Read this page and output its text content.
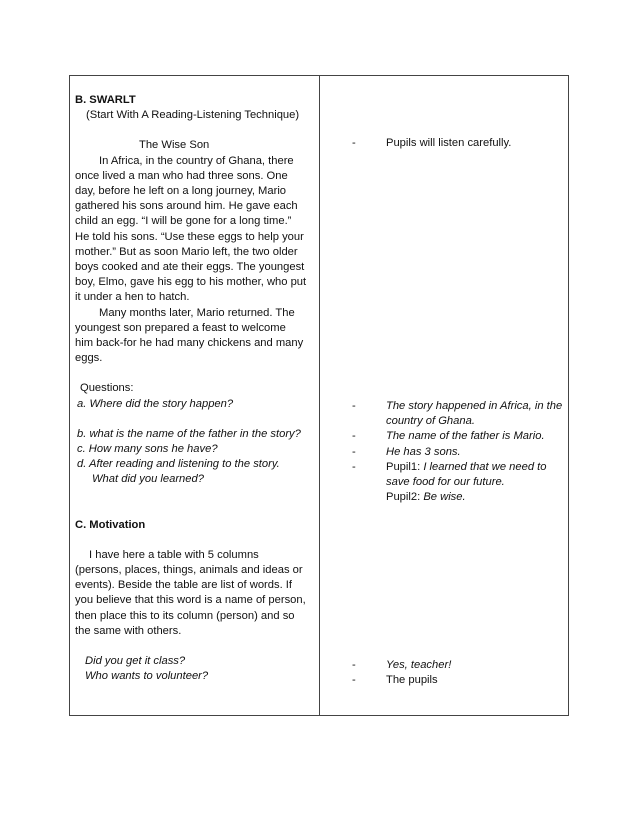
B. SWARLT
(Start With A Reading-Listening Technique)
The Wise Son
In Africa, in the country of Ghana, there
once lived a man who had three sons. One
day, before he left on a long journey, Mario
gathered his sons around him. He gave each
child an egg. “I will be gone for a long time.”
He told his sons. “Use these eggs to help your
mother.” But as soon Mario left, the two older
boys cooked and ate their eggs. The youngest
boy, Elmo, gave his egg to his mother, who put
it under a hen to hatch.
Many months later, Mario returned. The
youngest son prepared a feast to welcome
him back-for he had many chickens and many
eggs.
Questions:
a. Where did the story happen?
b. what is the name of the father in the story?
c. How many sons he have?
d. After reading and listening to the story.
What did you learned?
C. Motivation
I have here a table with 5 columns
(persons, places, things, animals and ideas or
events). Beside the table are list of words. If
you believe that this word is a name of person,
then place this to its column (person) and so
the same with others.
Did you get it class?
Who wants to volunteer?
-	Pupils will listen carefully.
-	The story happened in Africa, in the
country of Ghana.
-	The name of the father is Mario.
-	He has 3 sons.
-	Pupil1: I learned that we need to
save food for our future.
Pupil2: Be wise.
-	Yes, teacher!
-	The pupils
